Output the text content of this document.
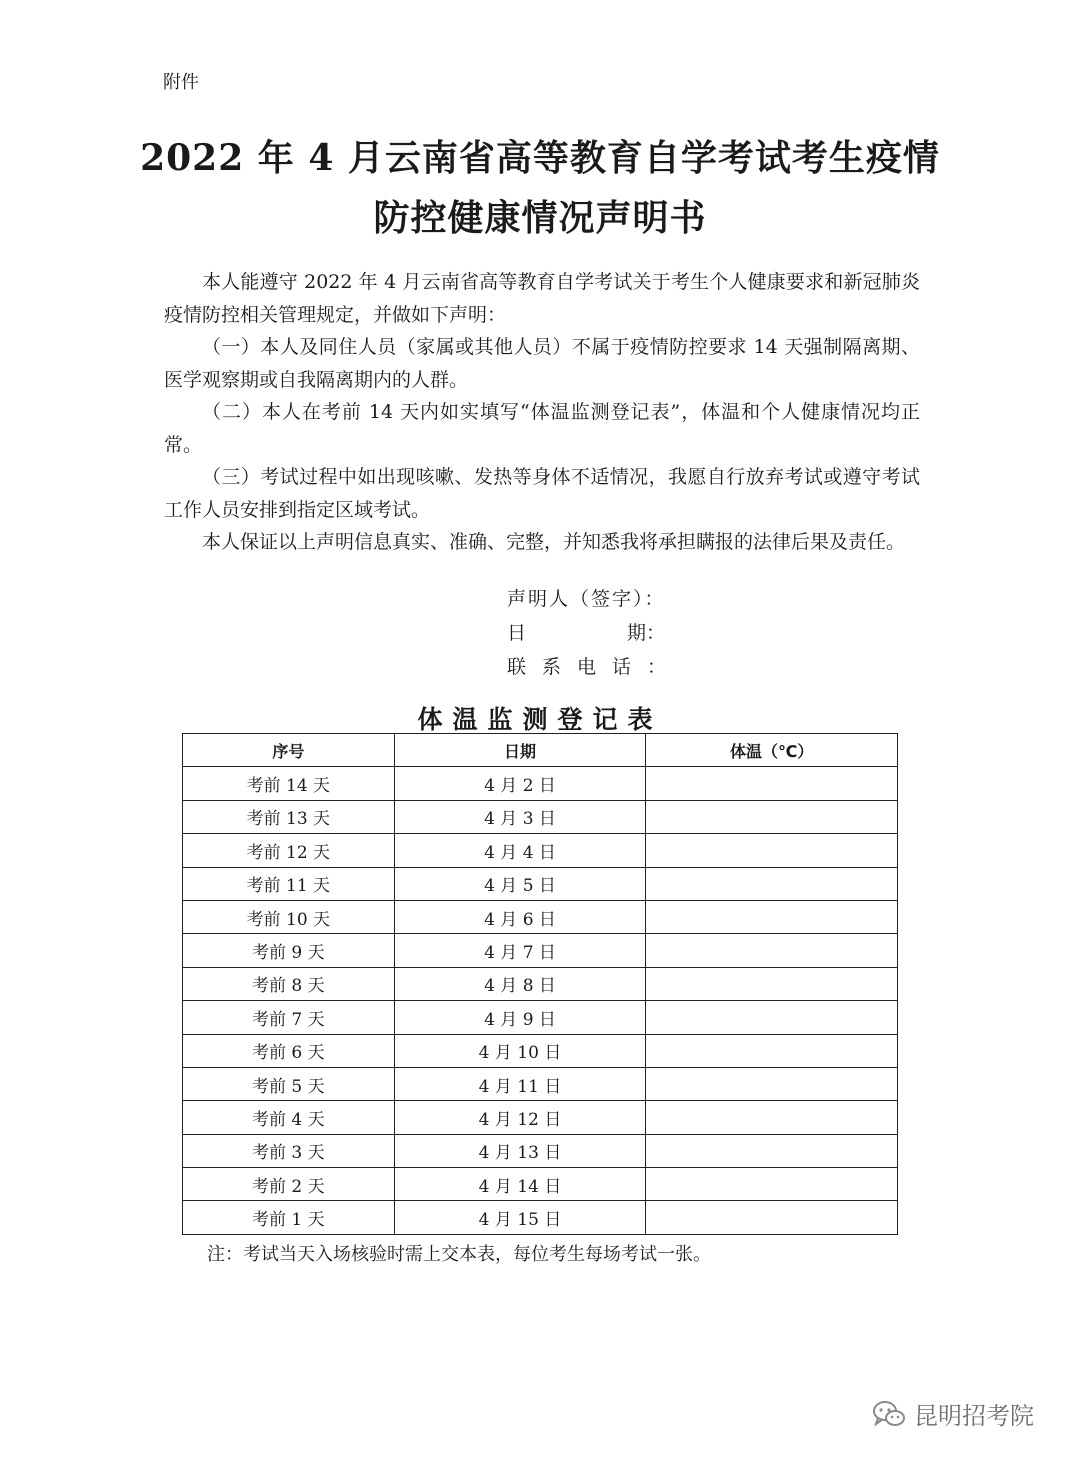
附件
2022 年 4 月云南省高等教育自学考试考生疫情
防控健康情况声明书

本人能遵守 2022 年 4 月云南省高等教育自学考试关于考生个人健康要求和新冠肺炎疫情防控相关管理规定，并做如下声明：

（一）本人及同住人员（家属或其他人员）不属于疫情防控要求 14 天强制隔离期、医学观察期或自我隔离期内的人群。

（二）本人在考前 14 天内如实填写“体温监测登记表”，体温和个人健康情况均正常。

（三）考试过程中如出现咳嗽、发热等身体不适情况，我愿自行放弃考试或遵守考试工作人员安排到指定区域考试。

本人保证以上声明信息真实、准确、完整，并知悉我将承担瞒报的法律后果及责任。

声明人（签字）：
日	期：
联系电话：
体温监测登记表
序号	日期	体温（℃）
考前 14 天	4 月 2 日	
考前 13 天	4 月 3 日	
考前 12 天	4 月 4 日	
考前 11 天	4 月 5 日	
考前 10 天	4 月 6 日	
考前 9 天	4 月 7 日	
考前 8 天	4 月 8 日	
考前 7 天	4 月 9 日	
考前 6 天	4 月 10 日	
考前 5 天	4 月 11 日	
考前 4 天	4 月 12 日	
考前 3 天	4 月 13 日	
考前 2 天	4 月 14 日	
考前 1 天	4 月 15 日	
注：考试当天入场核验时需上交本表，每位考生每场考试一张。
昆明招考院
